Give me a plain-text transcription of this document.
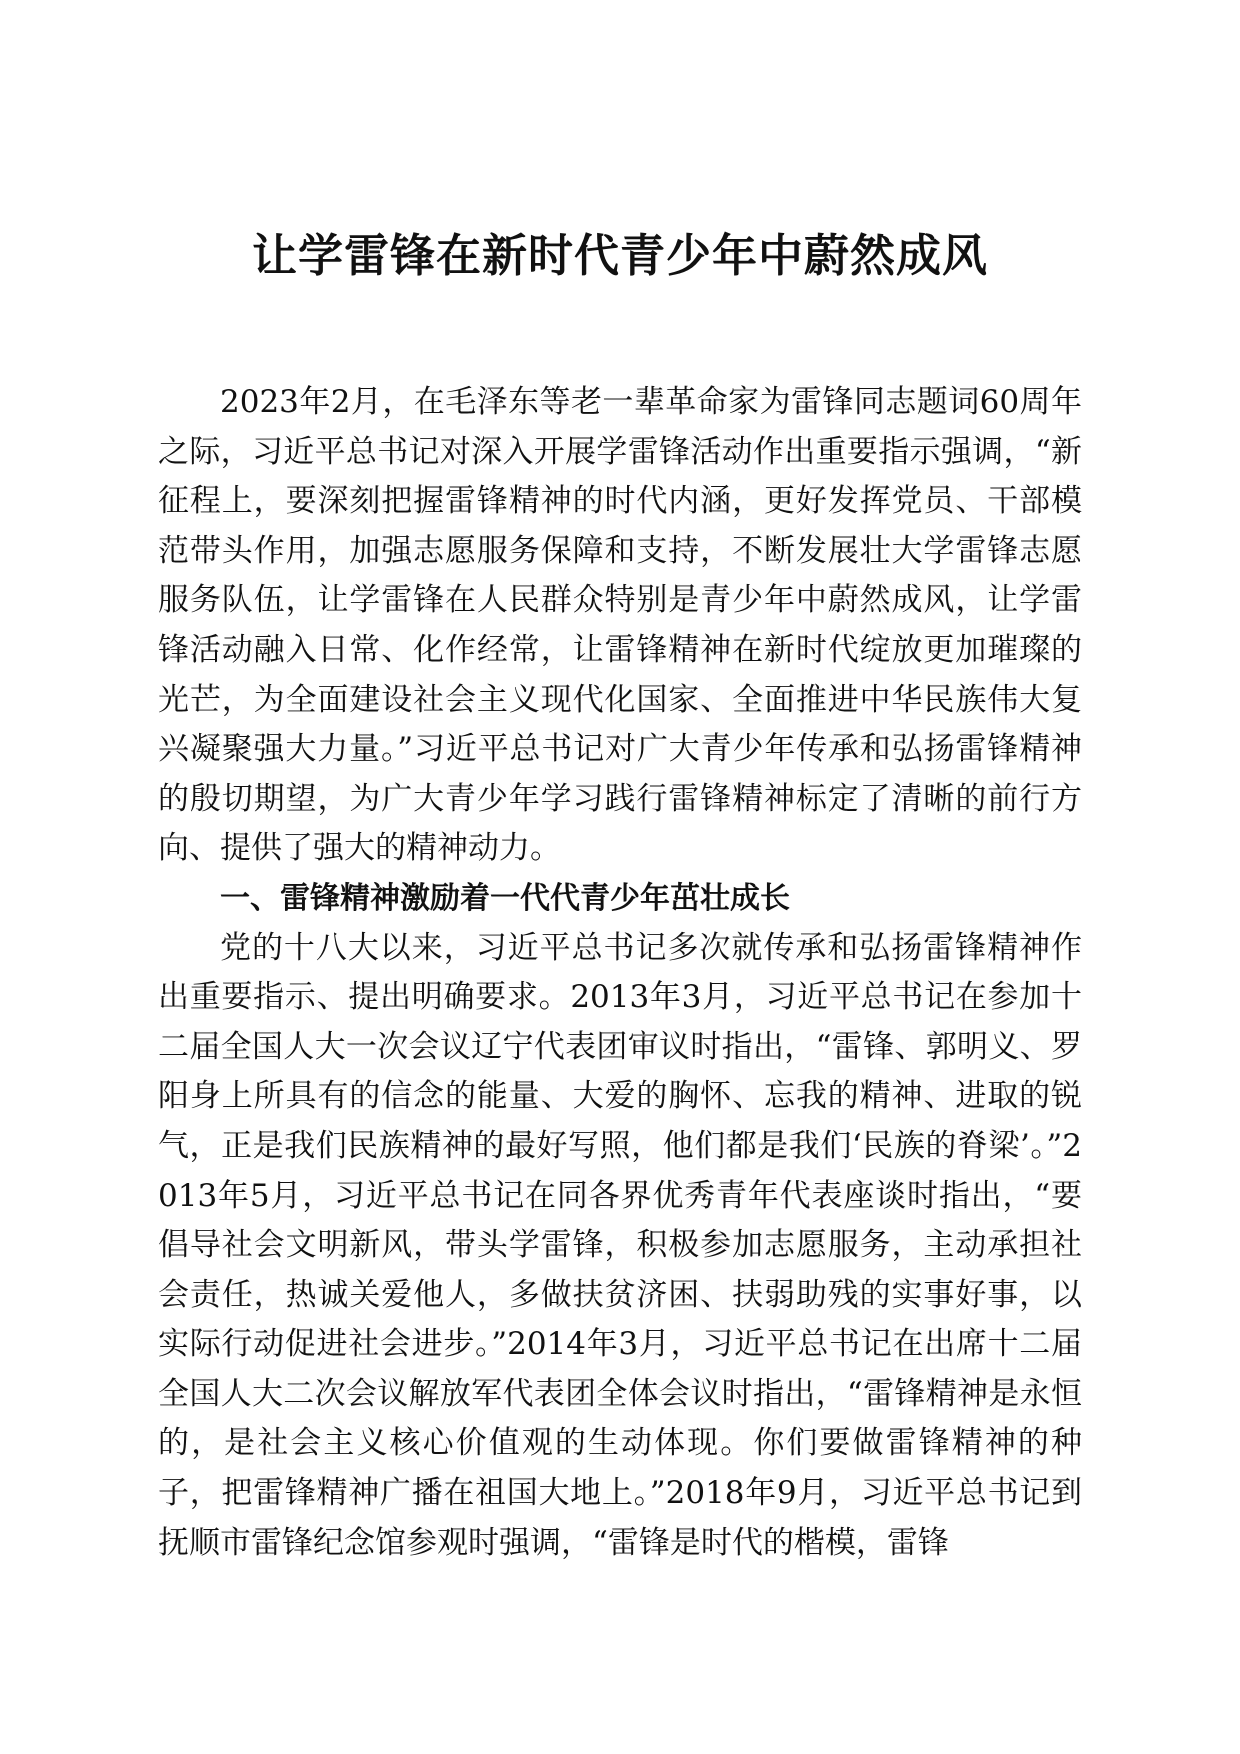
让学雷锋在新时代青少年中蔚然成风

2023年2月，在毛泽东等老一辈革命家为雷锋同志题词60周年之际，习近平总书记对深入开展学雷锋活动作出重要指示强调，“新征程上，要深刻把握雷锋精神的时代内涵，更好发挥党员、干部模范带头作用，加强志愿服务保障和支持，不断发展壮大学雷锋志愿服务队伍，让学雷锋在人民群众特别是青少年中蔚然成风，让学雷锋活动融入日常、化作经常，让雷锋精神在新时代绽放更加璀璨的光芒，为全面建设社会主义现代化国家、全面推进中华民族伟大复兴凝聚强大力量。”习近平总书记对广大青少年传承和弘扬雷锋精神的殷切期望，为广大青少年学习践行雷锋精神标定了清晰的前行方向、提供了强大的精神动力。

一、雷锋精神激励着一代代青少年茁壮成长

党的十八大以来，习近平总书记多次就传承和弘扬雷锋精神作出重要指示、提出明确要求。2013年3月，习近平总书记在参加十二届全国人大一次会议辽宁代表团审议时指出，“雷锋、郭明义、罗阳身上所具有的信念的能量、大爱的胸怀、忘我的精神、进取的锐气，正是我们民族精神的最好写照，他们都是我们‘民族的脊梁’。”2013年5月，习近平总书记在同各界优秀青年代表座谈时指出，“要倡导社会文明新风，带头学雷锋，积极参加志愿服务，主动承担社会责任，热诚关爱他人，多做扶贫济困、扶弱助残的实事好事，以实际行动促进社会进步。”2014年3月，习近平总书记在出席十二届全国人大二次会议解放军代表团全体会议时指出，“雷锋精神是永恒的，是社会主义核心价值观的生动体现。你们要做雷锋精神的种子，把雷锋精神广播在祖国大地上。”2018年9月，习近平总书记到抚顺市雷锋纪念馆参观时强调，“雷锋是时代的楷模，雷锋
